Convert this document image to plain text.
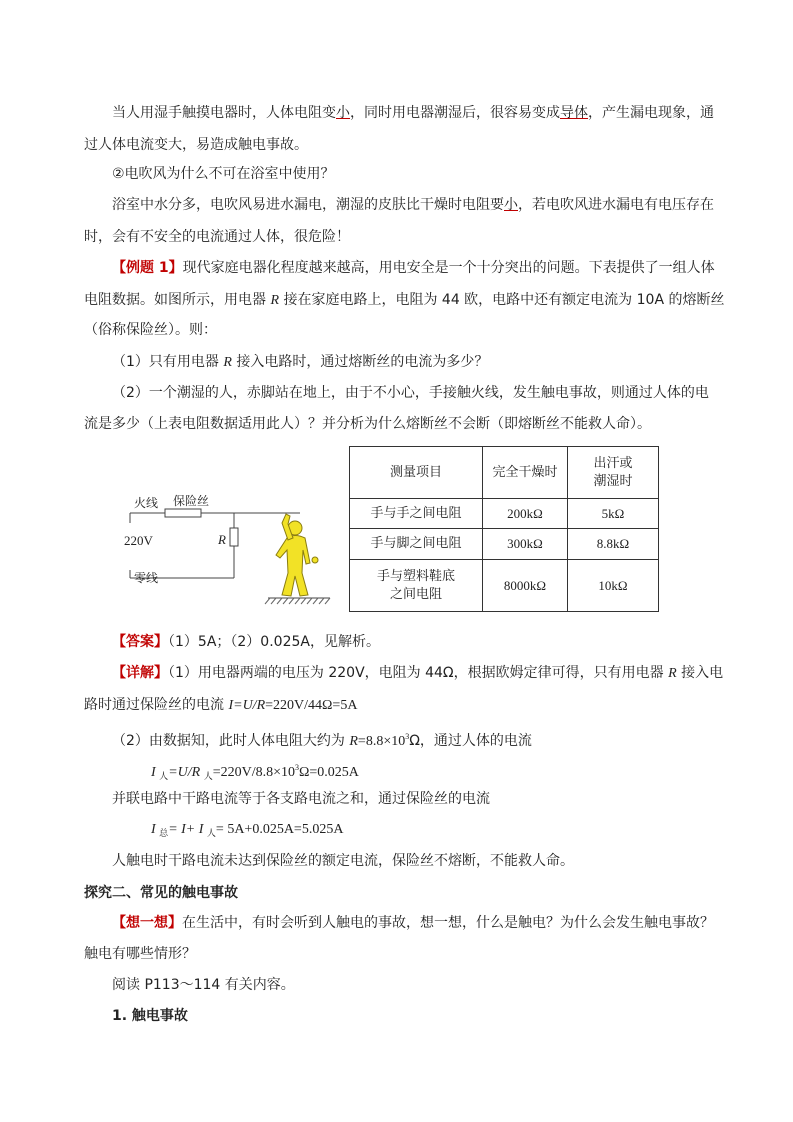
当人用湿手触摸电器时，人体电阻变小，同时用电器潮湿后，很容易变成导体，产生漏电现象，通
过人体电流变大，易造成触电事故。
②电吹风为什么不可在浴室中使用？
浴室中水分多，电吹风易进水漏电，潮湿的皮肤比干燥时电阻要小，若电吹风进水漏电有电压存在
时，会有不安全的电流通过人体，很危险！
【例题 1】现代家庭电器化程度越来越高，用电安全是一个十分突出的问题。下表提供了一组人体
电阻数据。如图所示，用电器 R 接在家庭电路上，电阻为 44 欧，电路中还有额定电流为 10A 的熔断丝
（俗称保险丝）。则：
（1）只有用电器 R 接入电路时，通过熔断丝的电流为多少？
（2）一个潮湿的人，赤脚站在地上，由于不小心，手接触火线，发生触电事故，则通过人体的电
流是多少（上表电阻数据适用此人）？并分析为什么熔断丝不会断（即熔断丝不能救人命）。
火线 保险丝
220V	R
零线
测量项目	完全干燥时	出汗或
潮湿时

手与手之间电阻	200kΩ	5kΩ
手与脚之间电阻	300kΩ	8.8kΩ

手与塑料鞋底
之间电阻	8000kΩ	10kΩ
【答案】（1）5A；（2）0.025A，见解析。
【详解】（1）用电器两端的电压为 220V，电阻为 44Ω，根据欧姆定律可得，只有用电器 R 接入电
路时通过保险丝的电流 I=U/R=220V/44Ω=5A
（2）由数据知，此时人体电阻大约为 $R=8.8\times 10^3\Omega$，通过人体的电流
I $_人$=U/R $_人=220V/8.8\times 10^3\Omega=0.025A$
并联电路中干路电流等于各支路电流之和，通过保险丝的电流
I $_总$= I+ I $_人$= 5A+0.025A=5.025A
人触电时干路电流未达到保险丝的额定电流，保险丝不熔断，不能救人命。
探究二、常见的触电事故
【想一想】在生活中，有时会听到人触电的事故，想一想，什么是触电？为什么会发生触电事故？
触电有哪些情形？
阅读 P113～114 有关内容。
1. 触电事故
